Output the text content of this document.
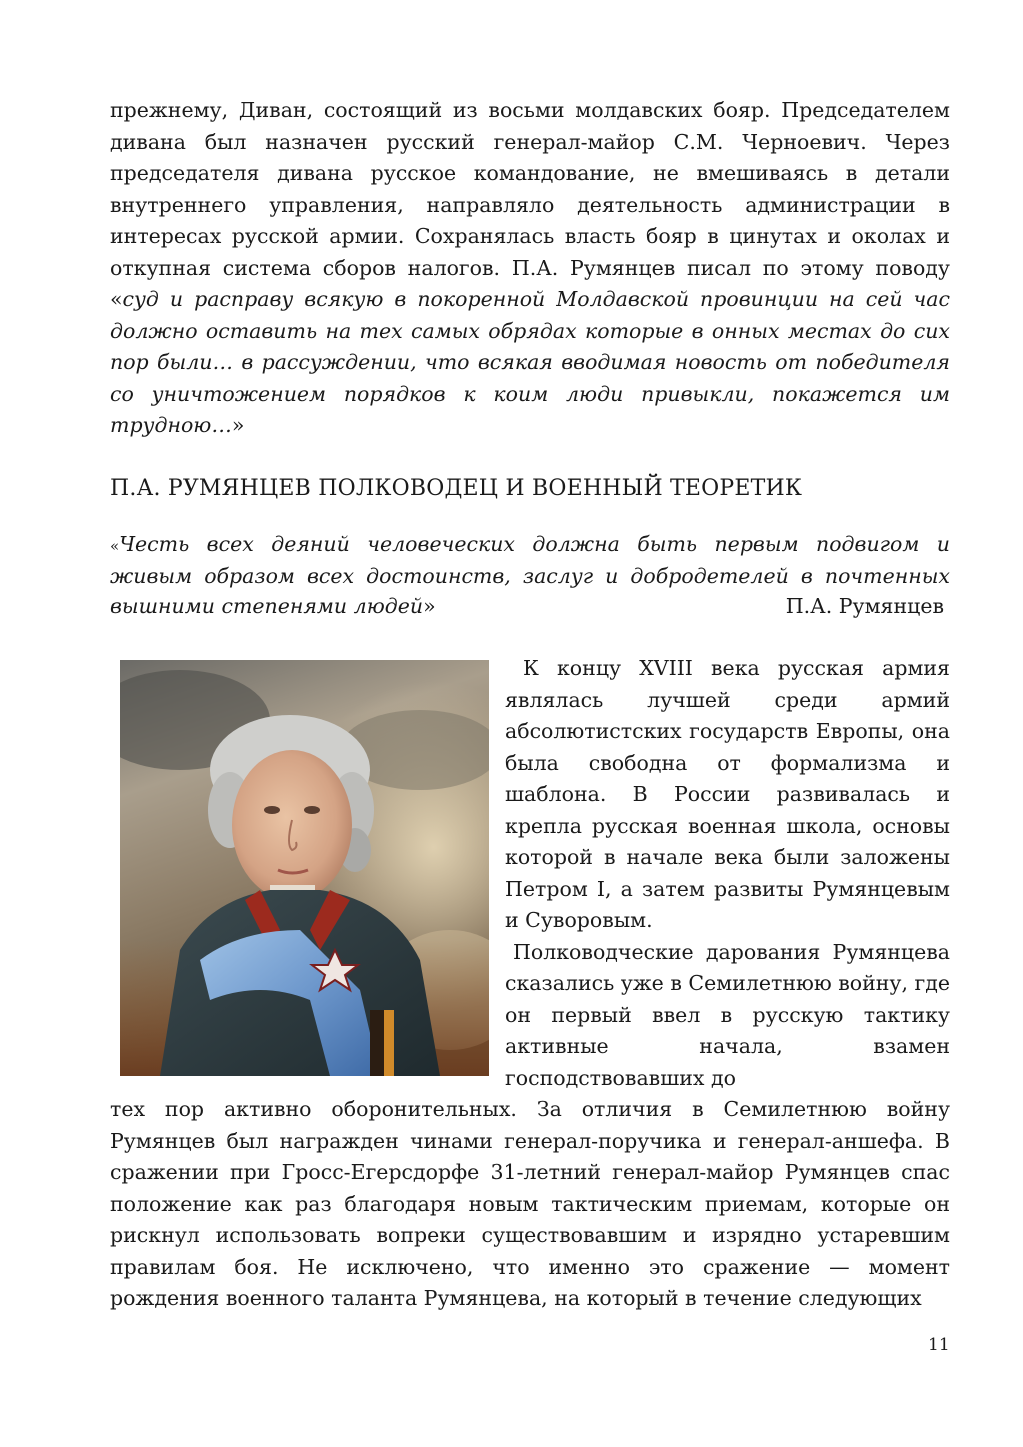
прежнему, Диван, состоящий из восьми молдавских бояр. Председателем дивана был назначен русский генерал-майор С.М. Черноевич. Через председателя дивана русское командование, не вмешиваясь в детали внутреннего управления, направляло деятельность администрации в интересах русской армии. Сохранялась власть бояр в цинутах и околах и откупная система сборов налогов. П.А. Румянцев писал по этому поводу «суд и расправу всякую в покоренной Молдавской провинции на сей час должно оставить на тех самых обрядах которые в онных местах до сих пор были… в рассуждении, что всякая вводимая новость от победителя со уничтожением порядков к коим люди привыкли, покажется им трудною…»

П.А. РУМЯНЦЕВ ПОЛКОВОДЕЦ И ВОЕННЫЙ ТЕОРЕТИК

«Честь всех деяний человеческих должна быть первым подвигом и живым образом всех достоинств, заслуг и добродетелей в почтенных вышними степенями людей»	П.А. Румянцев

К концу XVIII века русская армия являлась лучшей среди армий абсолютистских государств Европы, она была свободна от формализма и шаблона. В России развивалась и крепла русская военная школа, основы которой в начале века были заложены Петром I, а затем развиты Румянцевым и Суворовым.

Полководческие дарования Румянцева сказались уже в Семилетнюю войну, где он первый ввел в русскую тактику активные начала, взамен господствовавших до

тех пор активно оборонительных. За отличия в Семилетнюю войну Румянцев был награжден чинами генерал-поручика и генерал-аншефа. В сражении при Гросс-Егерсдорфе 31-летний генерал-майор Румянцев спас положение как раз благодаря новым тактическим приемам, которые он рискнул использовать вопреки существовавшим и изрядно устаревшим правилам боя. Не исключено, что именно это сражение — момент рождения военного таланта Румянцева, на который в течение следующих

11
